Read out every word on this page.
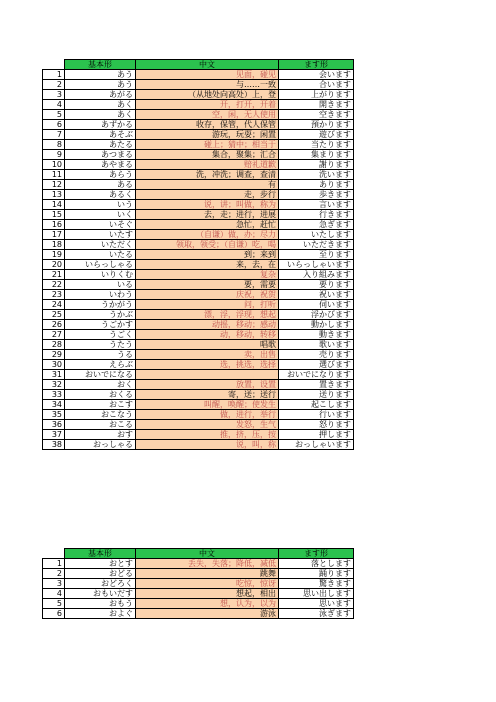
	基本形	中文	ます形
1	あう	见面，碰见	会います
2	あう	与……一致	合います
3	あがる	（从地处向高处）上，登	上がります
4	あく	开，打开，开着	開きます
5	あく	空，闲，无人使用	空きます
6	あずかる	收存，保管，代人保管	預かります
7	あそぶ	游玩，玩耍；闲置	遊びます
8	あたる	碰上；猜中；相当于	当たります
9	あつまる	集合，聚集；汇合	集まります
10	あやまる	赔礼道歉	謝ります
11	あらう	洗，冲洗；调查，查清	洗います
12	ある	有	あります
13	あるく	走，步行	歩きます
14	いう	说，讲；叫做，称为	言います
15	いく	去，走；进行，进展	行きます
16	いそぐ	急忙，赶忙	急ぎます
17	いたす	（自谦）做，办；尽力	いたします
18	いただく	领取，领受；（自谦）吃，喝	いただきます
19	いたる	到；来到	至ります
20	いらっしゃる	来，去，在	いらっしゃいます
21	いりくむ	复杂	入り組みます
22	いる	要，需要	要ります
23	いわう	庆祝，祝贺	祝います
24	うかがう	问，打听	伺います
25	うかぶ	漂，浮，浮现，想起	浮かびます
26	うごかす	动摇，移动；感动	動かします
27	うごく	动，移动，转移	動きます
28	うたう	唱歌	歌います
29	うる	卖，出售	売ります
30	えらぶ	选，挑选，选择	選びます
31	おいでになる		おいでになります
32	おく	放置，设置	置きます
33	おくる	寄，送；送行	送ります
34	おこす	叫醒，唤醒；使发生	起こします
35	おこなう	做，进行，举行	行います
36	おこる	发怒，生气	怒ります
37	おす	推，挤，压，按	押します
38	おっしゃる	说，叫，称	おっしゃいます
	基本形	中文	ます形
1	おとす	丢失，失落；降低，减低	落とします
2	おどる	跳舞	踊ります
3	おどろく	吃惊，惊讶	驚きます
4	おもいだす	想起，相出	思い出します
5	おもう	想，认为，以为	思います
6	およぐ	游泳	泳ぎます
